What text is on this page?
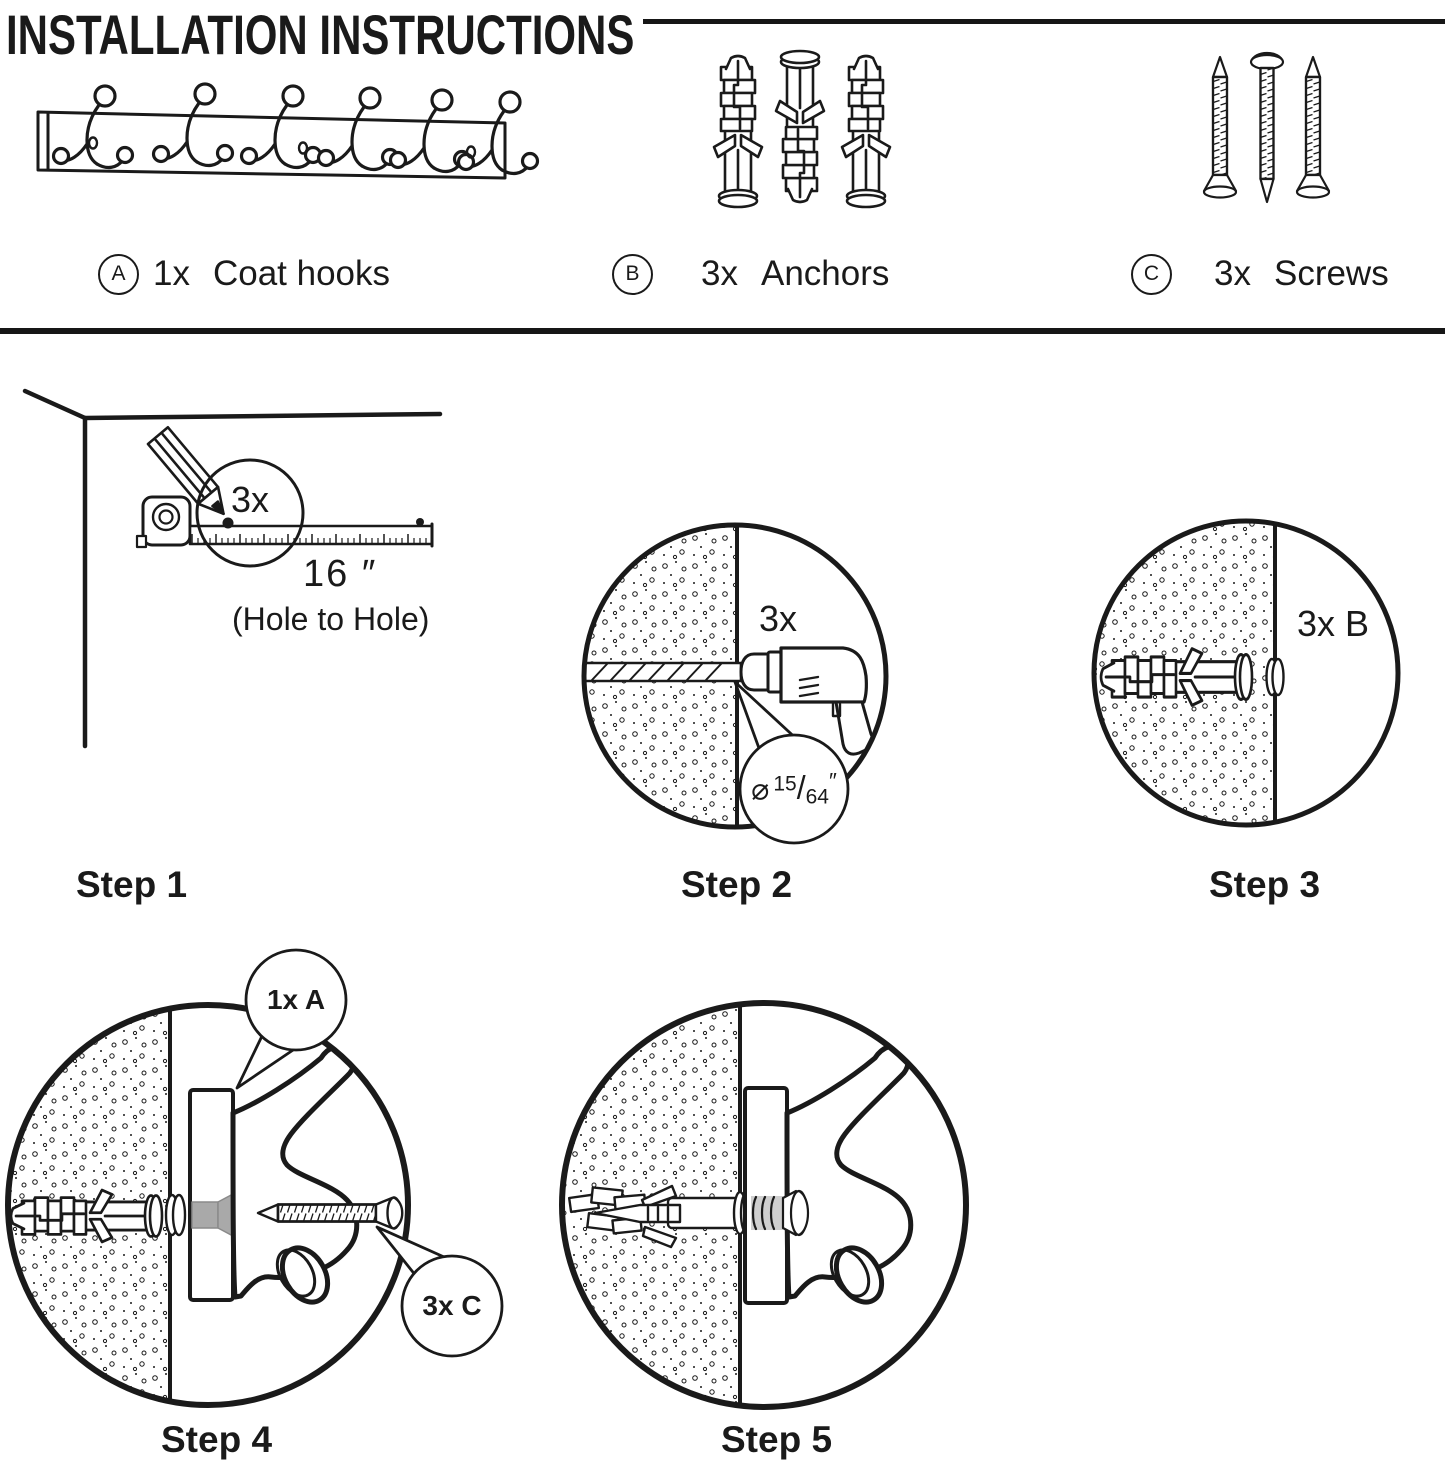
INSTALLATION INSTRUCTIONS
A 1x Coat hooks	B	3x Anchors	C	3x Screws
3x
16 ″
(Hole to Hole)
Step 1
3x
⌀$^{15}$/64″
Step 2
3x B
Step 3
1x A
3x C
Step 4	Step 5
